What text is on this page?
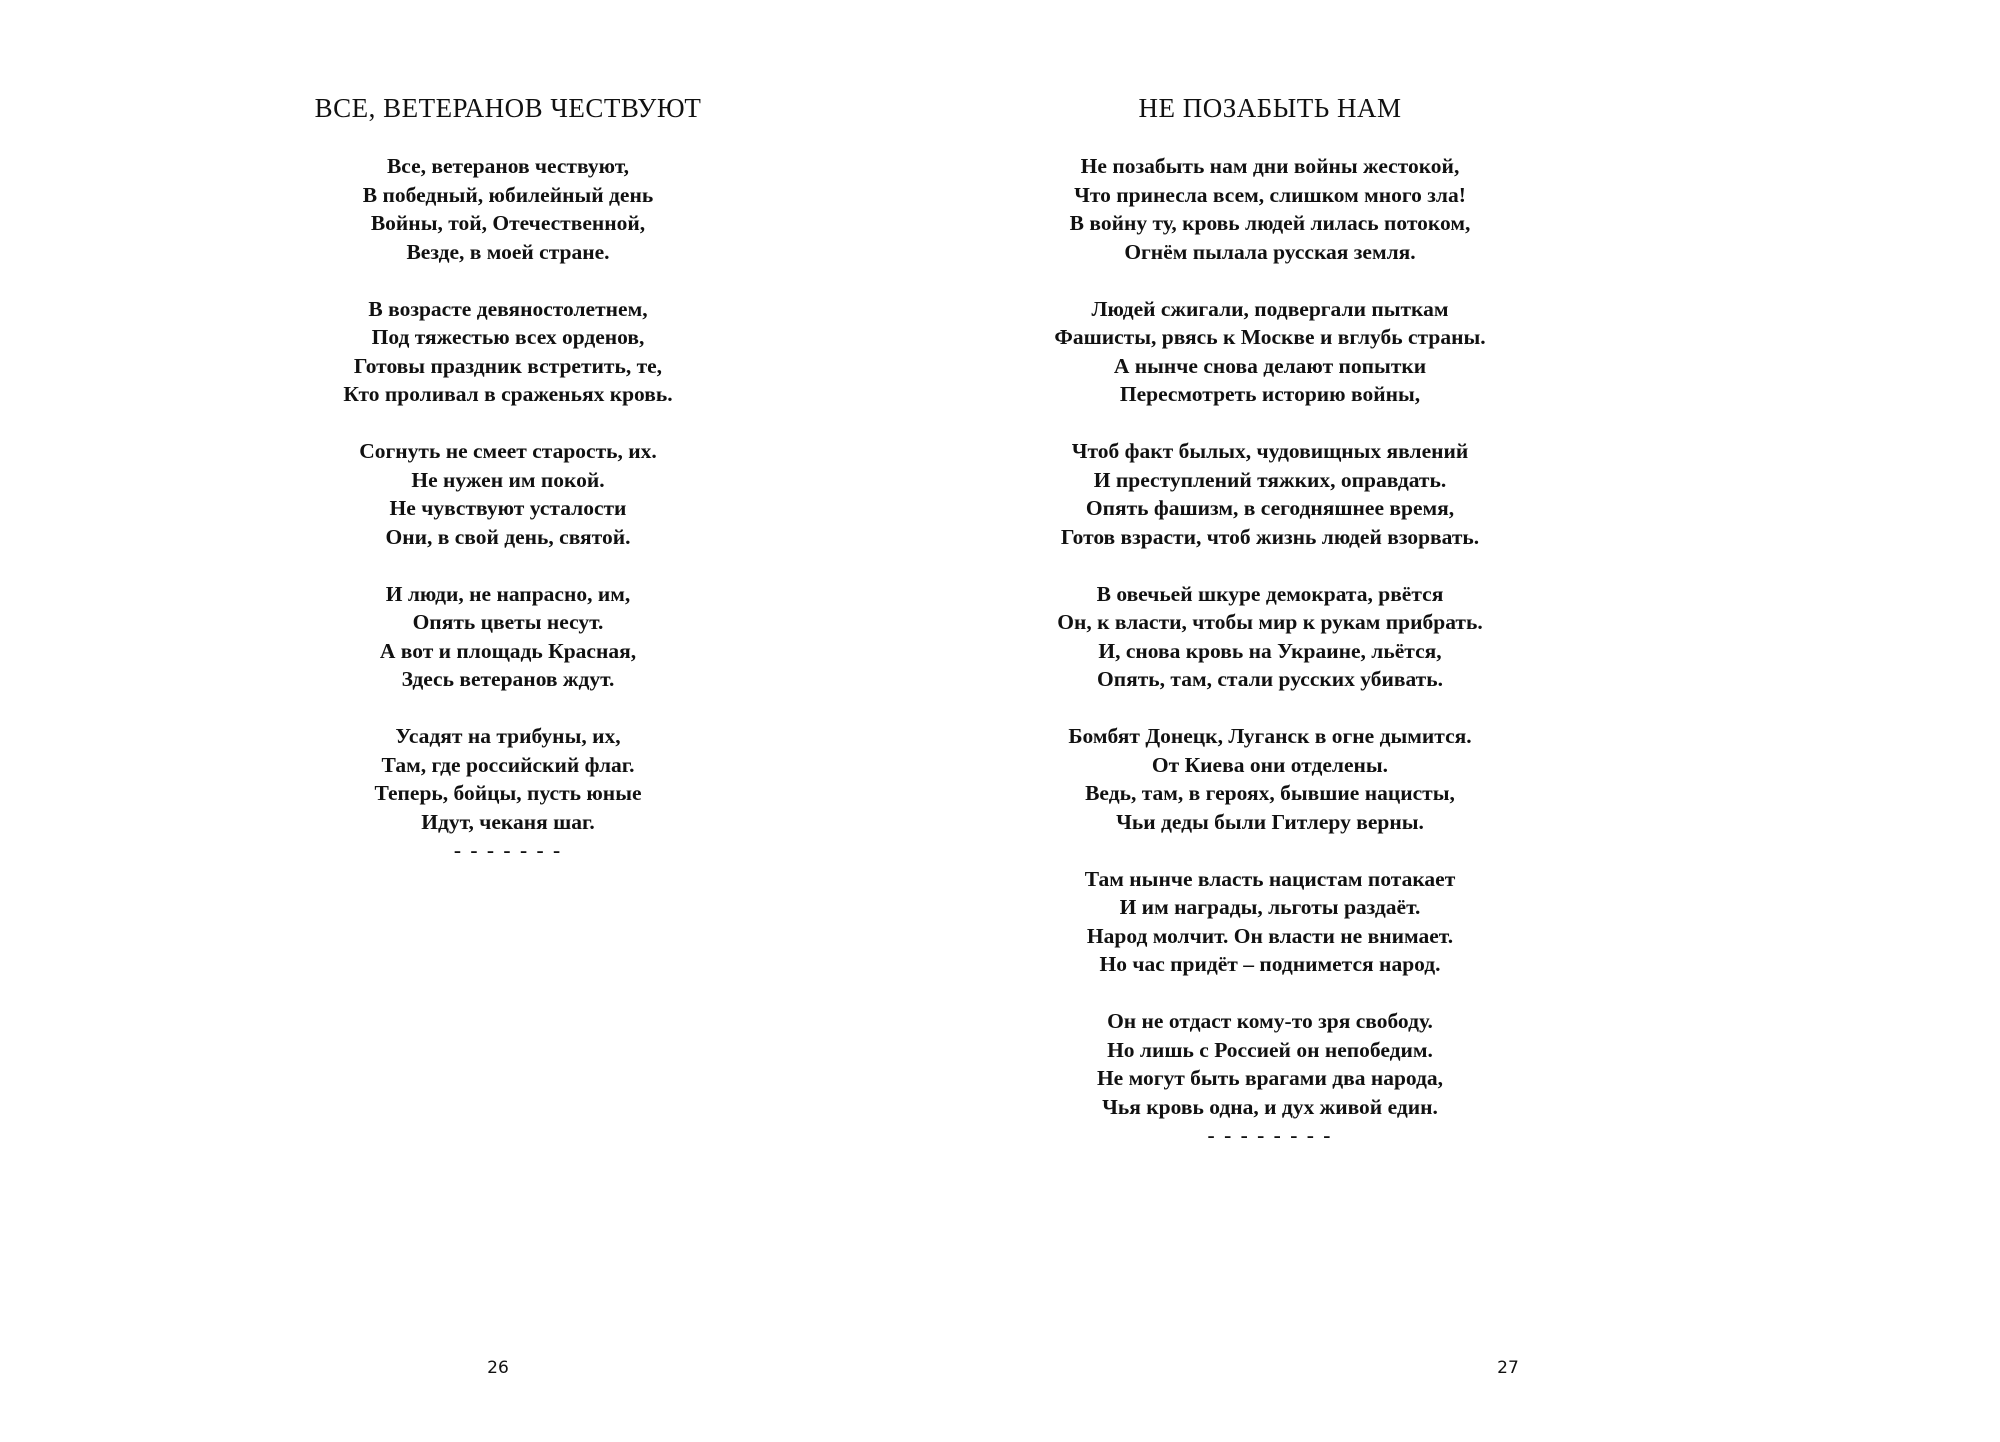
ВСЕ, ВЕТЕРАНОВ ЧЕСТВУЮТ
Все, ветеранов чествуют,
В победный, юбилейный день
Войны, той, Отечественной,
Везде, в моей стране.
В возрасте девяностолетнем,
Под тяжестью всех орденов,
Готовы праздник встретить, те,
Кто проливал в сраженьях кровь.
Согнуть не смеет старость, их.
Не нужен им покой.
Не чувствуют усталости
Они, в свой день, святой.
И люди, не напрасно, им,
Опять цветы несут.
А вот и площадь Красная,
Здесь ветеранов ждут.
Усадят на трибуны, их,
Там, где российский флаг.
Теперь, бойцы, пусть юные
Идут, чеканя шаг.
- - - - - - -
26
НЕ ПОЗАБЫТЬ НАМ
Не позабыть нам дни войны жестокой,
Что принесла всем, слишком много зла!
В войну ту, кровь людей лилась потоком,
Огнём пылала русская земля.
Людей сжигали, подвергали пыткам
Фашисты, рвясь к Москве и вглубь страны.
А нынче снова делают попытки
Пересмотреть историю войны,
Чтоб факт былых, чудовищных явлений
И преступлений тяжких, оправдать.
Опять фашизм, в сегодняшнее время,
Готов взрасти, чтоб жизнь людей взорвать.
В овечьей шкуре демократа, рвётся
Он, к власти, чтобы мир к рукам прибрать.
И, снова кровь на Украине, льётся,
Опять, там, стали русских убивать.
Бомбят Донецк, Луганск в огне дымится.
От Киева они отделены.
Ведь, там, в героях, бывшие нацисты,
Чьи деды были Гитлеру верны.
Там нынче власть нацистам потакает
И им награды, льготы раздаёт.
Народ молчит. Он власти не внимает.
Но час придёт – поднимется народ.
Он не отдаст кому-то зря свободу.
Но лишь с Россией он непобедим.
Не могут быть врагами два народа,
Чья кровь одна, и дух живой един.
- - - - - - - -
27
